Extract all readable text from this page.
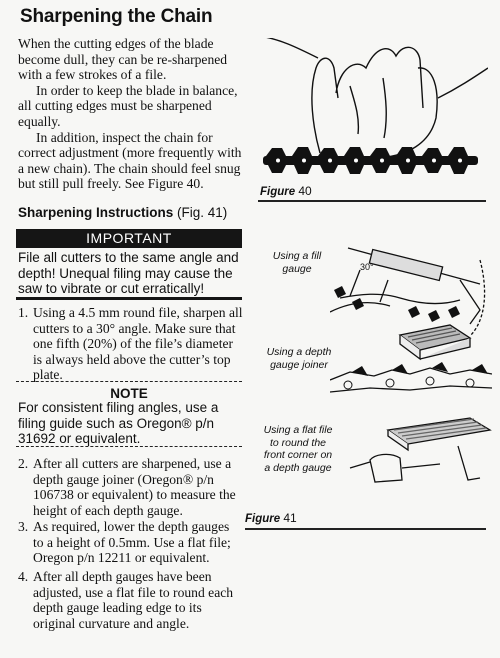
Sharpening the Chain

When the cutting edges of the blade become dull, they can be re-sharpened with a few strokes of a file.

In order to keep the blade in balance, all cutting edges must be sharpened equally.

In addition, inspect the chain for correct adjustment (more frequently with a new chain). The chain should feel snug but still pull freely. See Figure 40.

Sharpening Instructions (Fig. 41)
IMPORTANT
File all cutters to the same angle and depth! Unequal filing may cause the saw to vibrate or cut erratically!
1. Using a 4.5 mm round file, sharpen all cutters to a 30° angle. Make sure that one fifth (20%) of the file’s diameter is always held above the cutter’s top plate.
NOTE
For consistent filing angles, use a filing guide such as Oregon® p/n 31692 or equivalent.
2. After all cutters are sharpened, use a depth gauge joiner (Oregon® p/n 106738 or equivalent) to measure the height of each depth gauge.
3. As required, lower the depth gauges to a height of 0.5mm. Use a flat file; Oregon p/n 12211 or equivalent.
4. After all depth gauges have been adjusted, use a flat file to round each depth gauge leading edge to its original curvature and angle.
Figure 40
Using a fill gauge
Using a depth gauge joiner
Using a flat file to round the front corner on a depth gauge
30°
Figure 41
